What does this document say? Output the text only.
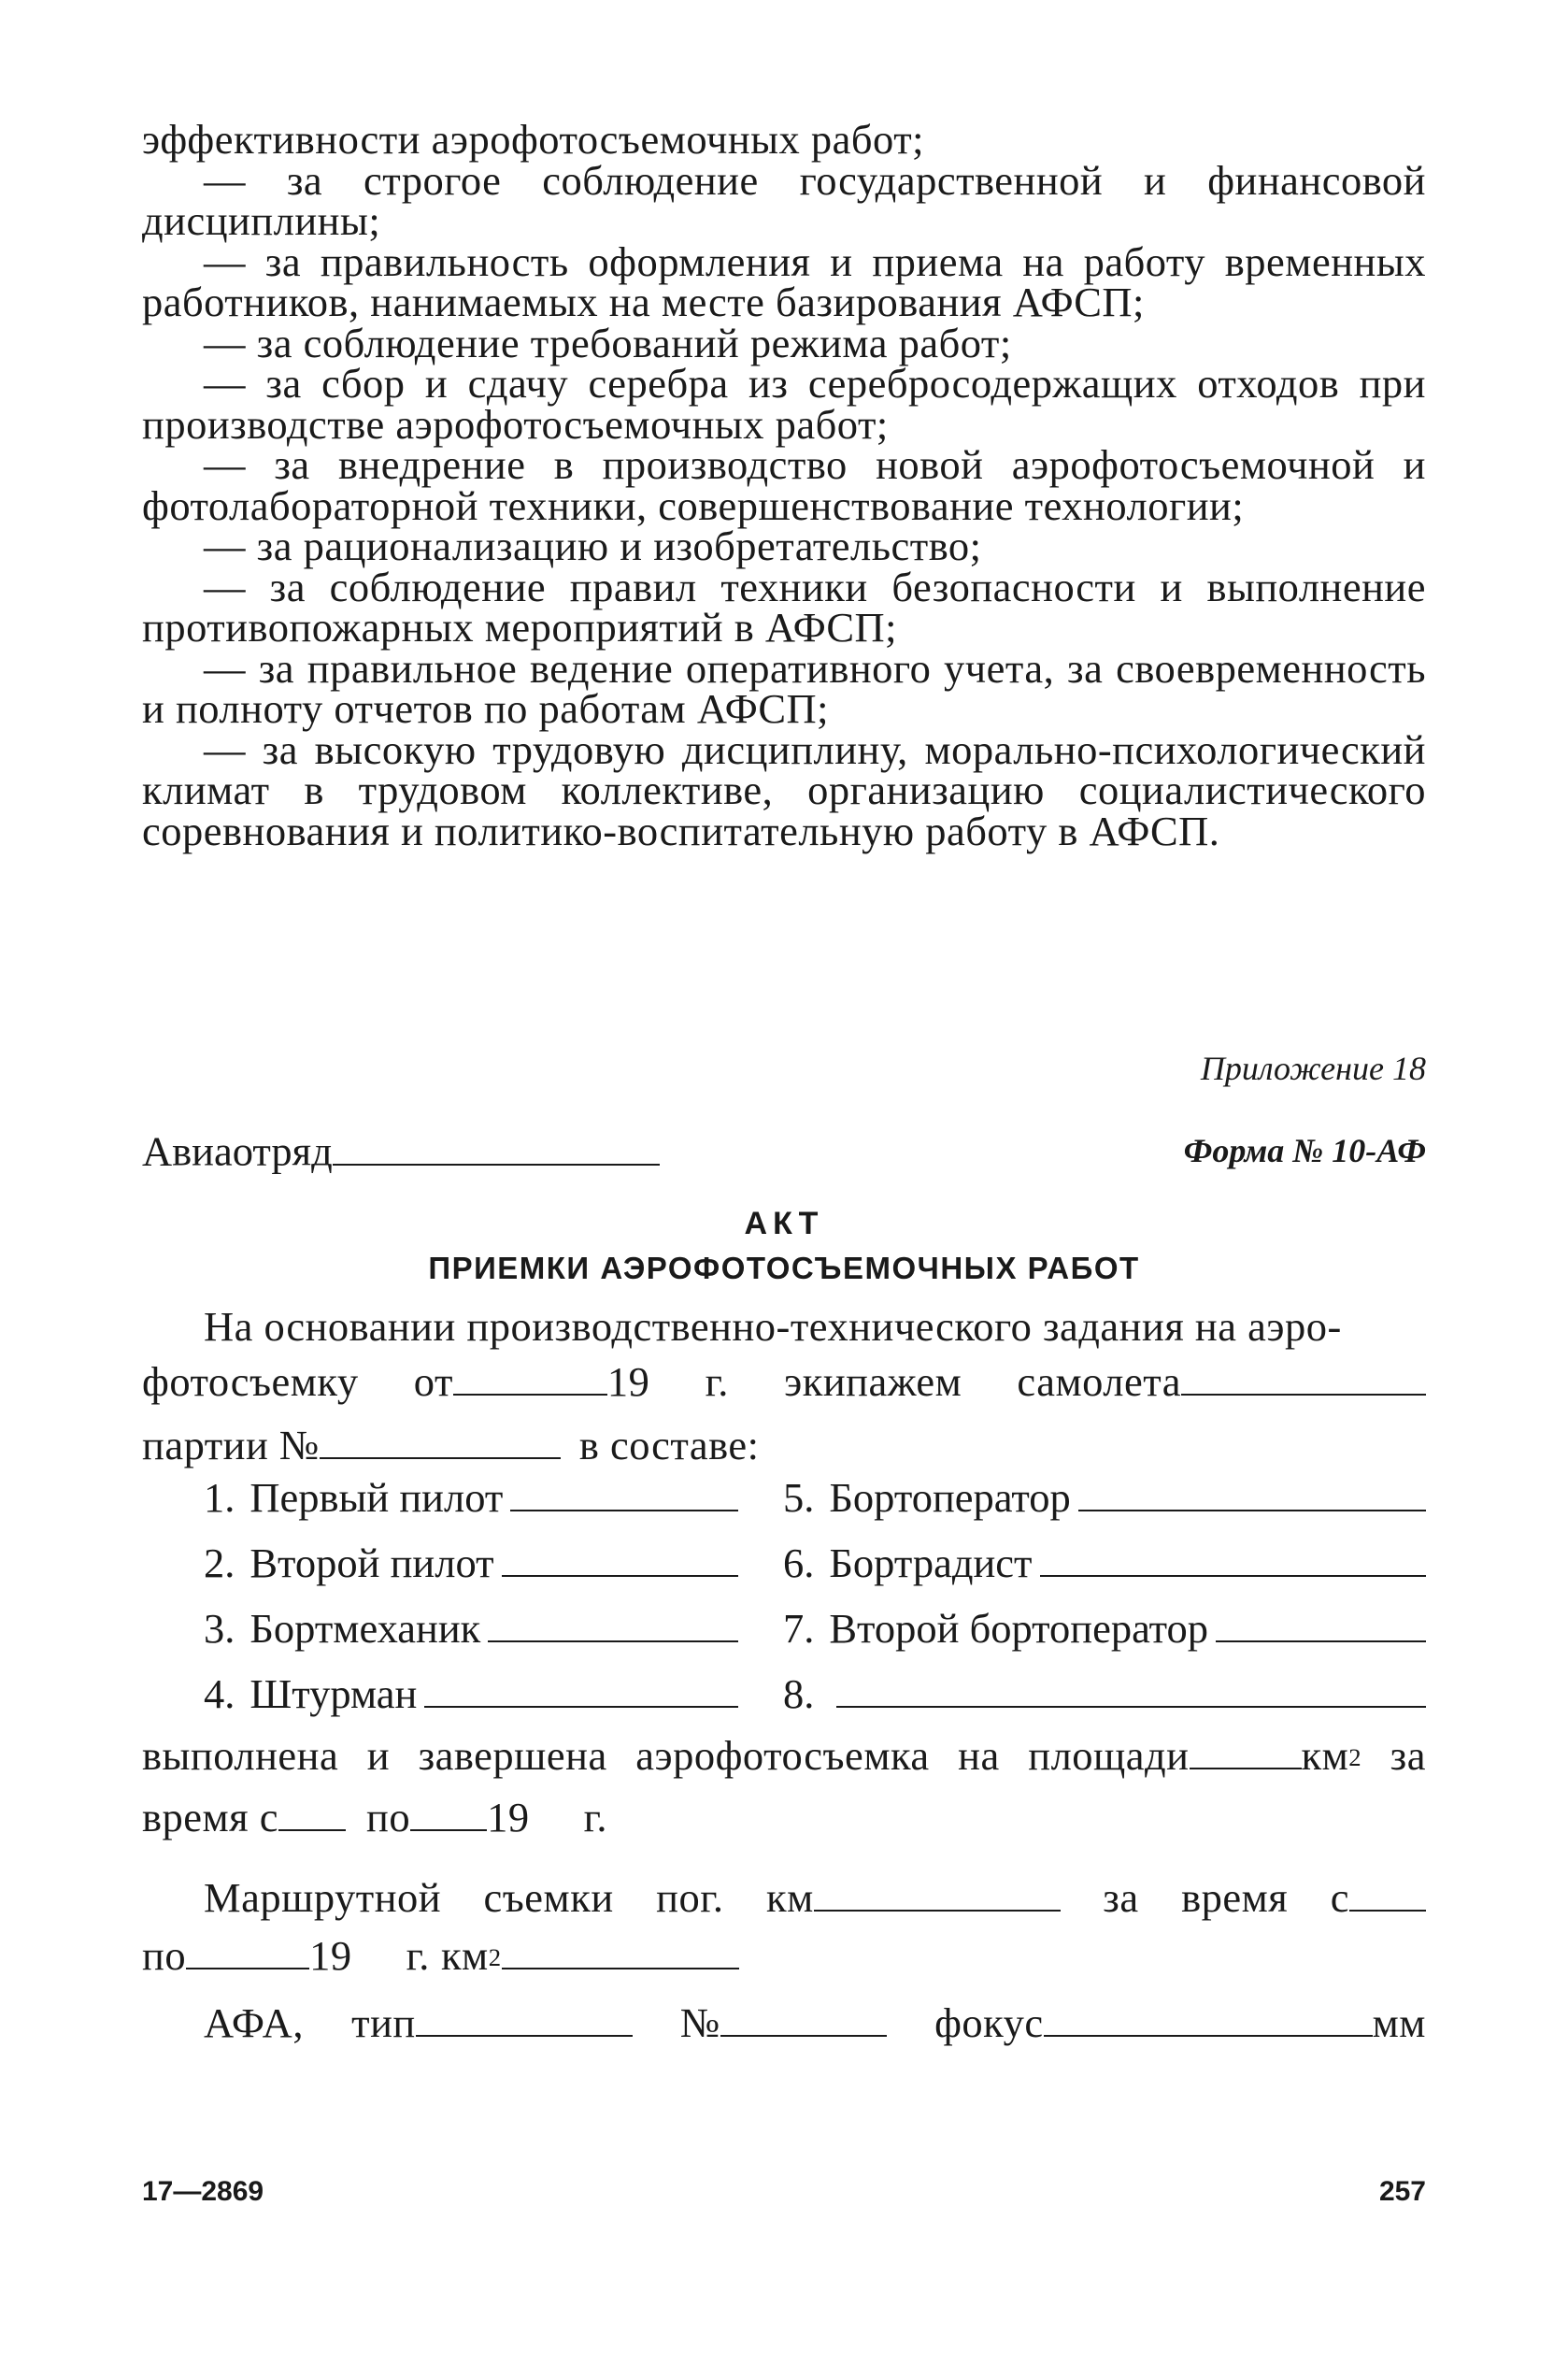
эффективности аэрофотосъемочных работ;

— за строгое соблюдение государственной и финансовой дисциплины;

— за правильность оформления и приема на работу временных работников, нанимаемых на месте базирования АФСП;

— за соблюдение требований режима работ;

— за сбор и сдачу серебра из серебросодержащих отходов при производстве аэрофотосъемочных работ;

— за внедрение в производство новой аэрофотосъемочной и фотолабораторной техники, совершенствование технологии;

— за рационализацию и изобретательство;

— за соблюдение правил техники безопасности и выполнение противопожарных мероприятий в АФСП;

— за правильное ведение оперативного учета, за своевременность и полноту отчетов по работам АФСП;

— за высокую трудовую дисциплину, морально-психологический климат в трудовом коллективе, организацию социалистического соревнования и политико-воспитательную работу в АФСП.

Приложение 18
Авиаотряд	Форма № 10-АФ
АКТ
ПРИЕМКИ АЭРОФОТОСЪЕМОЧНЫХ РАБОТ
На основании производственно-технического задания на аэро-
фотосъемку от	19 г. экипажем самолета
партии №	в составе:
1. Первый пилот	5. Бортоператор
2. Второй пилот	6. Бортрадист
3. Бортмеханик	7. Второй бортоператор
4. Штурман	8.
выполнена и завершена аэрофотосъемка на площади	$км^2$ за
время с по 19 г.
Маршрутной съемки пог. км	за время с
по	19 г. $км^2$
АФА, тип	№	фокус	мм
17—2869	257
